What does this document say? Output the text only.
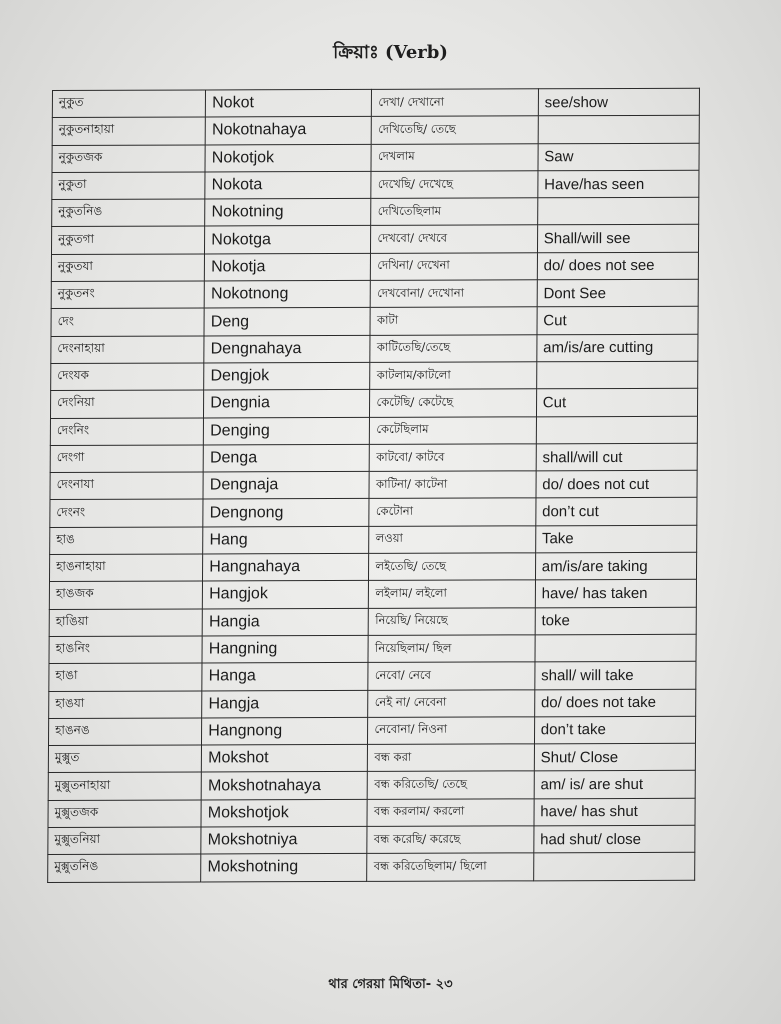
ক্রিয়াঃ (Verb)
নুকুত	Nokot	দেখা/ দেখানো	see/show
নুকুতনাহায়া	Nokotnahaya	দেখিতেছি/ তেছে	
নুকুতজক	Nokotjok	দেখলাম	Saw
নুকুতা	Nokota	দেখেছি/ দেখেছে	Have/has seen
নুকুতনিঙ	Nokotning	দেখিতেছিলাম	
নুকুতগা	Nokotga	দেখবো/ দেখবে	Shall/will see
নুকুতযা	Nokotja	দেখিনা/ দেখেনা	do/ does not see
নুকুতনং	Nokotnong	দেখবোনা/ দেখোনা	Dont See
দেং	Deng	কাটা	Cut
দেংনাহায়া	Dengnahaya	কাটিতেছি/তেছে	am/is/are cutting
দেংযক	Dengjok	কাটলাম/কাটলো	
দেংনিয়া	Dengnia	কেটেছি/ কেটেছে	Cut
দেংনিং	Denging	কেটেছিলাম	
দেংগা	Denga	কাটবো/ কাটবে	shall/will cut
দেংনাযা	Dengnaja	কাটিনা/ কাটেনা	do/ does not cut
দেংনং	Dengnong	কেটোনা	don’t cut
হাঙ	Hang	লওয়া	Take
হাঙনাহায়া	Hangnahaya	লইতেছি/ তেছে	am/is/are taking
হাঙজক	Hangjok	লইলাম/ লইলো	have/ has taken
হাঙিয়া	Hangia	নিয়েছি/ নিয়েছে	toke
হাঙনিং	Hangning	নিয়েছিলাম/ ছিল	
হাঙা	Hanga	নেবো/ নেবে	shall/ will take
হাঙযা	Hangja	নেই না/ নেবেনা	do/ does not take
হাঙনঙ	Hangnong	নেবোনা/ নিওনা	don’t take
মুক্সুত	Mokshot	বন্ধ করা	Shut/ Close
মুক্সুতনাহায়া	Mokshotnahaya	বন্ধ করিতেছি/ তেছে	am/ is/ are shut
মুক্সুতজক	Mokshotjok	বন্ধ করলাম/ করলো	have/ has shut
মুক্সুতনিয়া	Mokshotniya	বন্ধ করেছি/ করেছে	had shut/ close
মুক্সুতনিঙ	Mokshotning	বন্ধ করিতেছিলাম/ ছিলো	
থার গেরয়া মিথিতা- ২৩
